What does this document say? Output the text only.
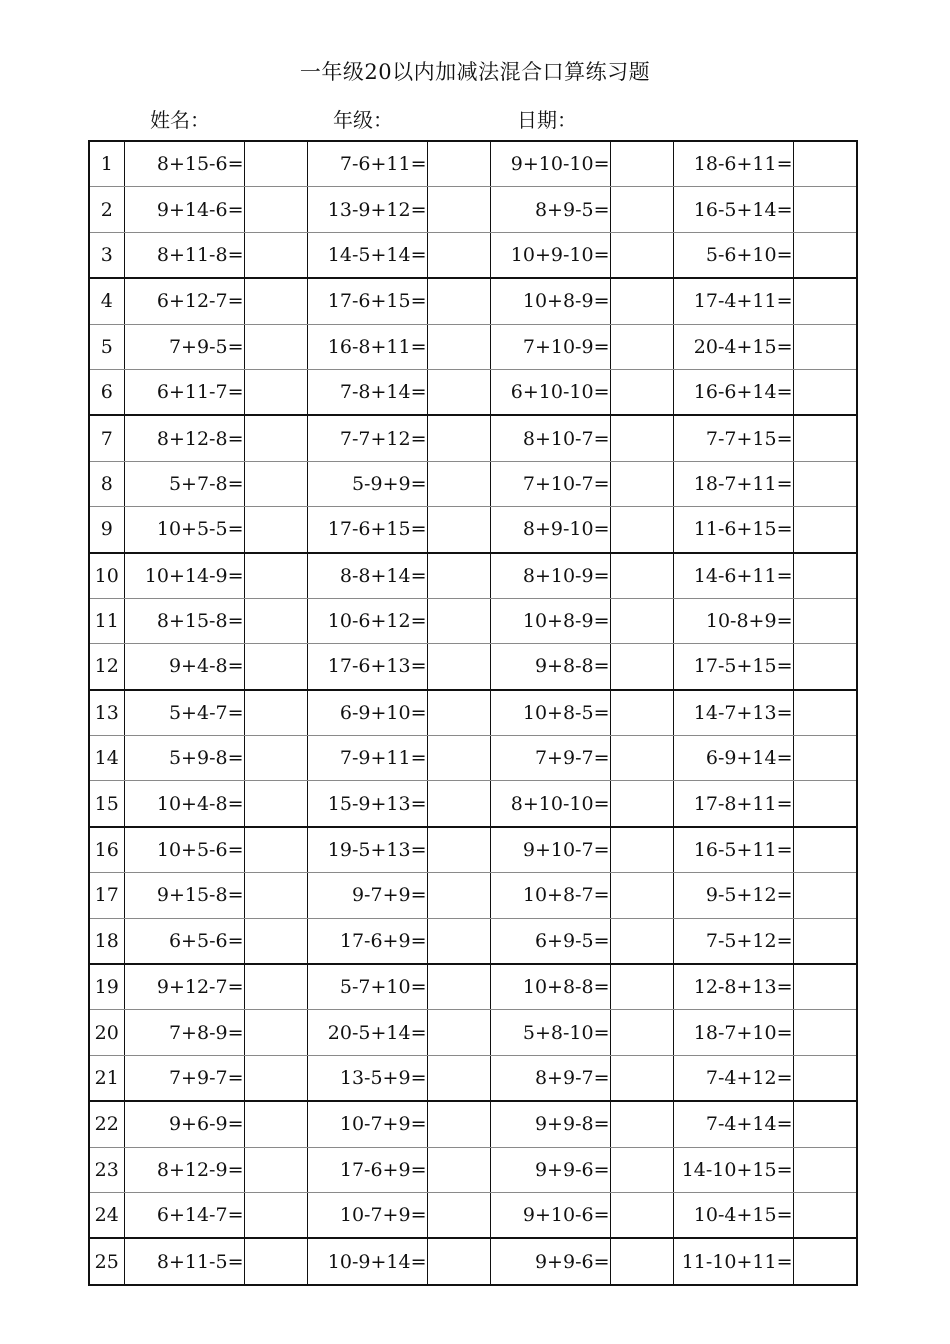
一年级20以内加减法混合口算练习题
姓名：	年级：	日期：
1	8+15-6=		7-6+11=		9+10-10=		18-6+11=	
2	9+14-6=		13-9+12=		8+9-5=		16-5+14=	
3	8+11-8=		14-5+14=		10+9-10=		5-6+10=	
4	6+12-7=		17-6+15=		10+8-9=		17-4+11=	
5	7+9-5=		16-8+11=		7+10-9=		20-4+15=	
6	6+11-7=		7-8+14=		6+10-10=		16-6+14=	
7	8+12-8=		7-7+12=		8+10-7=		7-7+15=	
8	5+7-8=		5-9+9=		7+10-7=		18-7+11=	
9	10+5-5=		17-6+15=		8+9-10=		11-6+15=	
10	10+14-9=		8-8+14=		8+10-9=		14-6+11=	
11	8+15-8=		10-6+12=		10+8-9=		10-8+9=	
12	9+4-8=		17-6+13=		9+8-8=		17-5+15=	
13	5+4-7=		6-9+10=		10+8-5=		14-7+13=	
14	5+9-8=		7-9+11=		7+9-7=		6-9+14=	
15	10+4-8=		15-9+13=		8+10-10=		17-8+11=	
16	10+5-6=		19-5+13=		9+10-7=		16-5+11=	
17	9+15-8=		9-7+9=		10+8-7=		9-5+12=	
18	6+5-6=		17-6+9=		6+9-5=		7-5+12=	
19	9+12-7=		5-7+10=		10+8-8=		12-8+13=	
20	7+8-9=		20-5+14=		5+8-10=		18-7+10=	
21	7+9-7=		13-5+9=		8+9-7=		7-4+12=	
22	9+6-9=		10-7+9=		9+9-8=		7-4+14=	
23	8+12-9=		17-6+9=		9+9-6=		14-10+15=	
24	6+14-7=		10-7+9=		9+10-6=		10-4+15=	
25	8+11-5=		10-9+14=		9+9-6=		11-10+11=	
